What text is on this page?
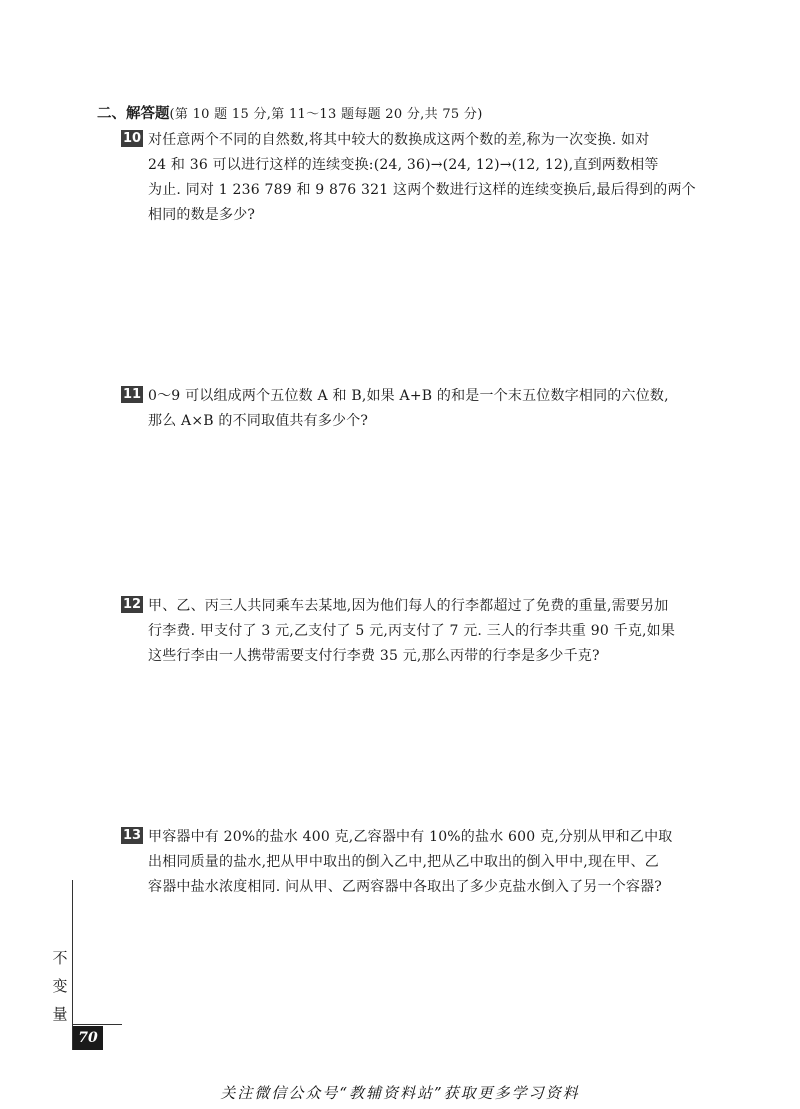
二、解答题(第 10 题 15 分,第 11～13 题每题 20 分,共 75 分)
10 对任意两个不同的自然数,将其中较大的数换成这两个数的差,称为一次变换. 如对
24 和 36 可以进行这样的连续变换:(24, 36)→(24, 12)→(12, 12),直到两数相等
为止. 同对 1 236 789 和 9 876 321 这两个数进行这样的连续变换后,最后得到的两个
相同的数是多少?
11 0～9 可以组成两个五位数 A 和 B,如果 A+B 的和是一个末五位数字相同的六位数,
那么 A×B 的不同取值共有多少个?
12 甲、乙、丙三人共同乘车去某地,因为他们每人的行李都超过了免费的重量,需要另加
行李费. 甲支付了 3 元,乙支付了 5 元,丙支付了 7 元. 三人的行李共重 90 千克,如果
这些行李由一人携带需要支付行李费 35 元,那么丙带的行李是多少千克?
13 甲容器中有 20%的盐水 400 克,乙容器中有 10%的盐水 600 克,分别从甲和乙中取
出相同质量的盐水,把从甲中取出的倒入乙中,把从乙中取出的倒入甲中,现在甲、乙
容器中盐水浓度相同. 问从甲、乙两容器中各取出了多少克盐水倒入了另一个容器?
不
变
量
70
关注微信公众号“教辅资料站”获取更多学习资料
